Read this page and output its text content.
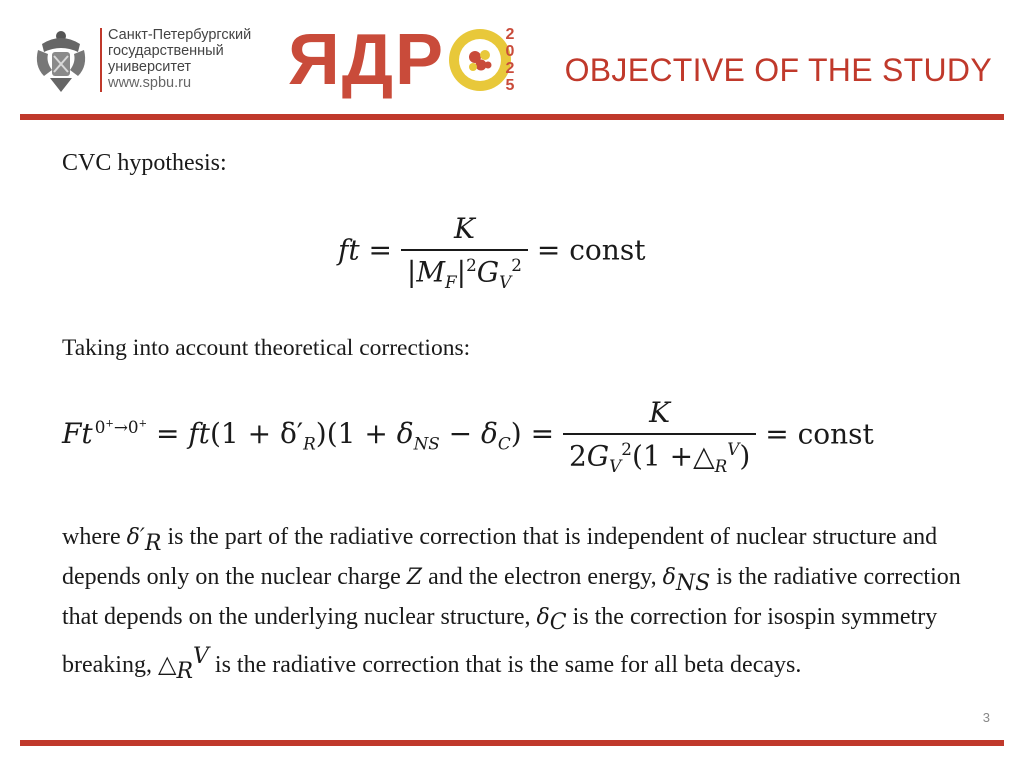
Санкт-Петербургский
государственный
университет
www.spbu.ru	ЯДР	2
0
2
5 OBJECTIVE OF THE STUDY
CVC hypothesis:
ft = $\frac{K}{|M_F|^2G_V^2}$ = const
Taking into account theoretical corrections:
Ft $0^+\to 0^+ = ft(1 + \delta'_R)(1 + \delta_{NS} - \delta_C) = \frac{K}{2G_V^2(1 +\triangle_R^V)}$ = const
where $\delta'_R$ is the part of the radiative correction that is independent of nuclear structure and depends only on the nuclear charge Z and the electron energy, $\delta_{NS}$ is the radiative correction that depends on the underlying nuclear structure, $\delta_C$ is the correction for isospin symmetry breaking, $\triangle_R^V$ is the radiative correction that is the same for all beta decays.
3
